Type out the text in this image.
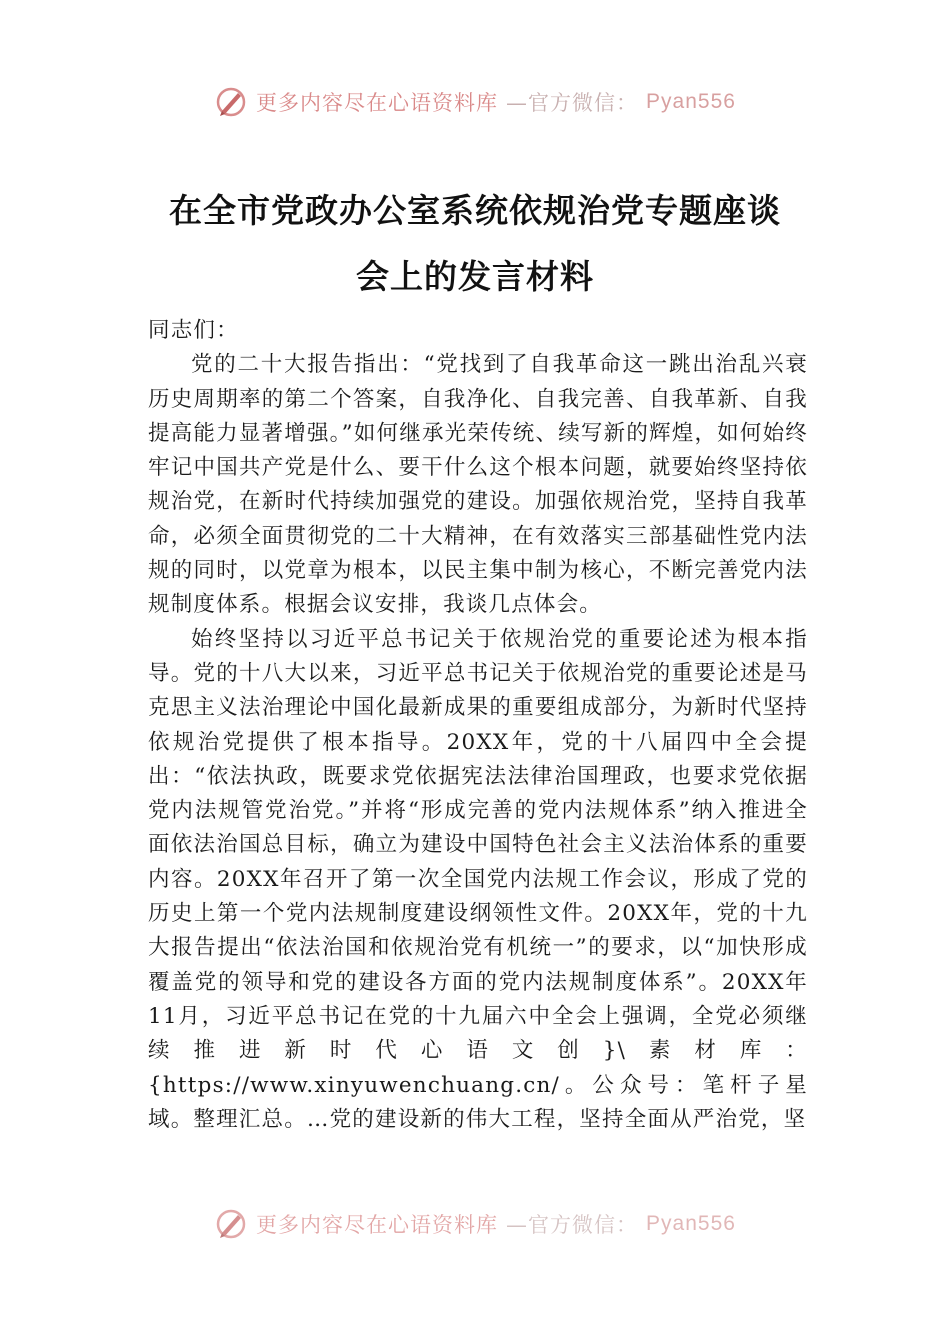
更多内容尽在心语资料库 —官方微信： Pyan556
在全市党政办公室系统依规治党专题座谈
会上的发言材料

同志们：

党的二十大报告指出：“党找到了自我革命这一跳出治乱兴衰历史周期率的第二个答案，自我净化、自我完善、自我革新、自我提高能力显著增强。”如何继承光荣传统、续写新的辉煌，如何始终牢记中国共产党是什么、要干什么这个根本问题，就要始终坚持依规治党，在新时代持续加强党的建设。加强依规治党，坚持自我革命，必须全面贯彻党的二十大精神，在有效落实三部基础性党内法规的同时，以党章为根本，以民主集中制为核心，不断完善党内法规制度体系。根据会议安排，我谈几点体会。

始终坚持以习近平总书记关于依规治党的重要论述为根本指导。党的十八大以来，习近平总书记关于依规治党的重要论述是马克思主义法治理论中国化最新成果的重要组成部分，为新时代坚持依规治党提供了根本指导。20XX年，党的十八届四中全会提出：“依法执政，既要求党依据宪法法律治国理政，也要求党依据党内法规管党治党。”并将“形成完善的党内法规体系”纳入推进全面依法治国总目标，确立为建设中国特色社会主义法治体系的重要内容。20XX年召开了第一次全国党内法规工作会议，形成了党的历史上第一个党内法规制度建设纲领性文件。20XX年，党的十九大报告提出“依法治国和依规治党有机统一”的要求，以“加快形成覆盖党的领导和党的建设各方面的党内法规制度体系”。20XX年11月，习近平总书记在党的十九届六中全会上强调，全党必须继续推进新时代心语文创}\素材库：{https://www.xinyuwenchuang.cn/。公众号：笔杆子星域。整理汇总。…党的建设新的伟大工程，坚持全面从严治党，坚

更多内容尽在心语资料库 —官方微信： Pyan556
